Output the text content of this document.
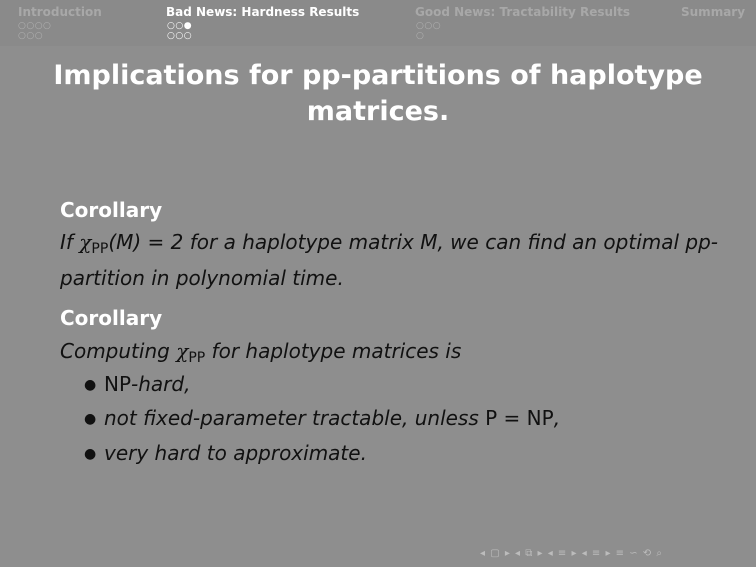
Introduction
○○○○
○○○
Bad News: Hardness Results
○○●
○○○
Good News: Tractability Results
○○○
○
Summary
Implications for pp-partitions of haplotype matrices.
Corollary
If $\chi_{PP}(M) = 2$ for a haplotype matrix M, we can find an optimal pp-partition in polynomial time.
Corollary
Computing $\chi_{PP}$ for haplotype matrices is
● NP-hard,
● not fixed-parameter tractable, unless P = NP,
● very hard to approximate.
◂ ▢ ▸ ◂ ⧉ ▸ ◂ ≡ ▸ ◂ ≡ ▸ ≡ ∽ ⟲ ⌕
